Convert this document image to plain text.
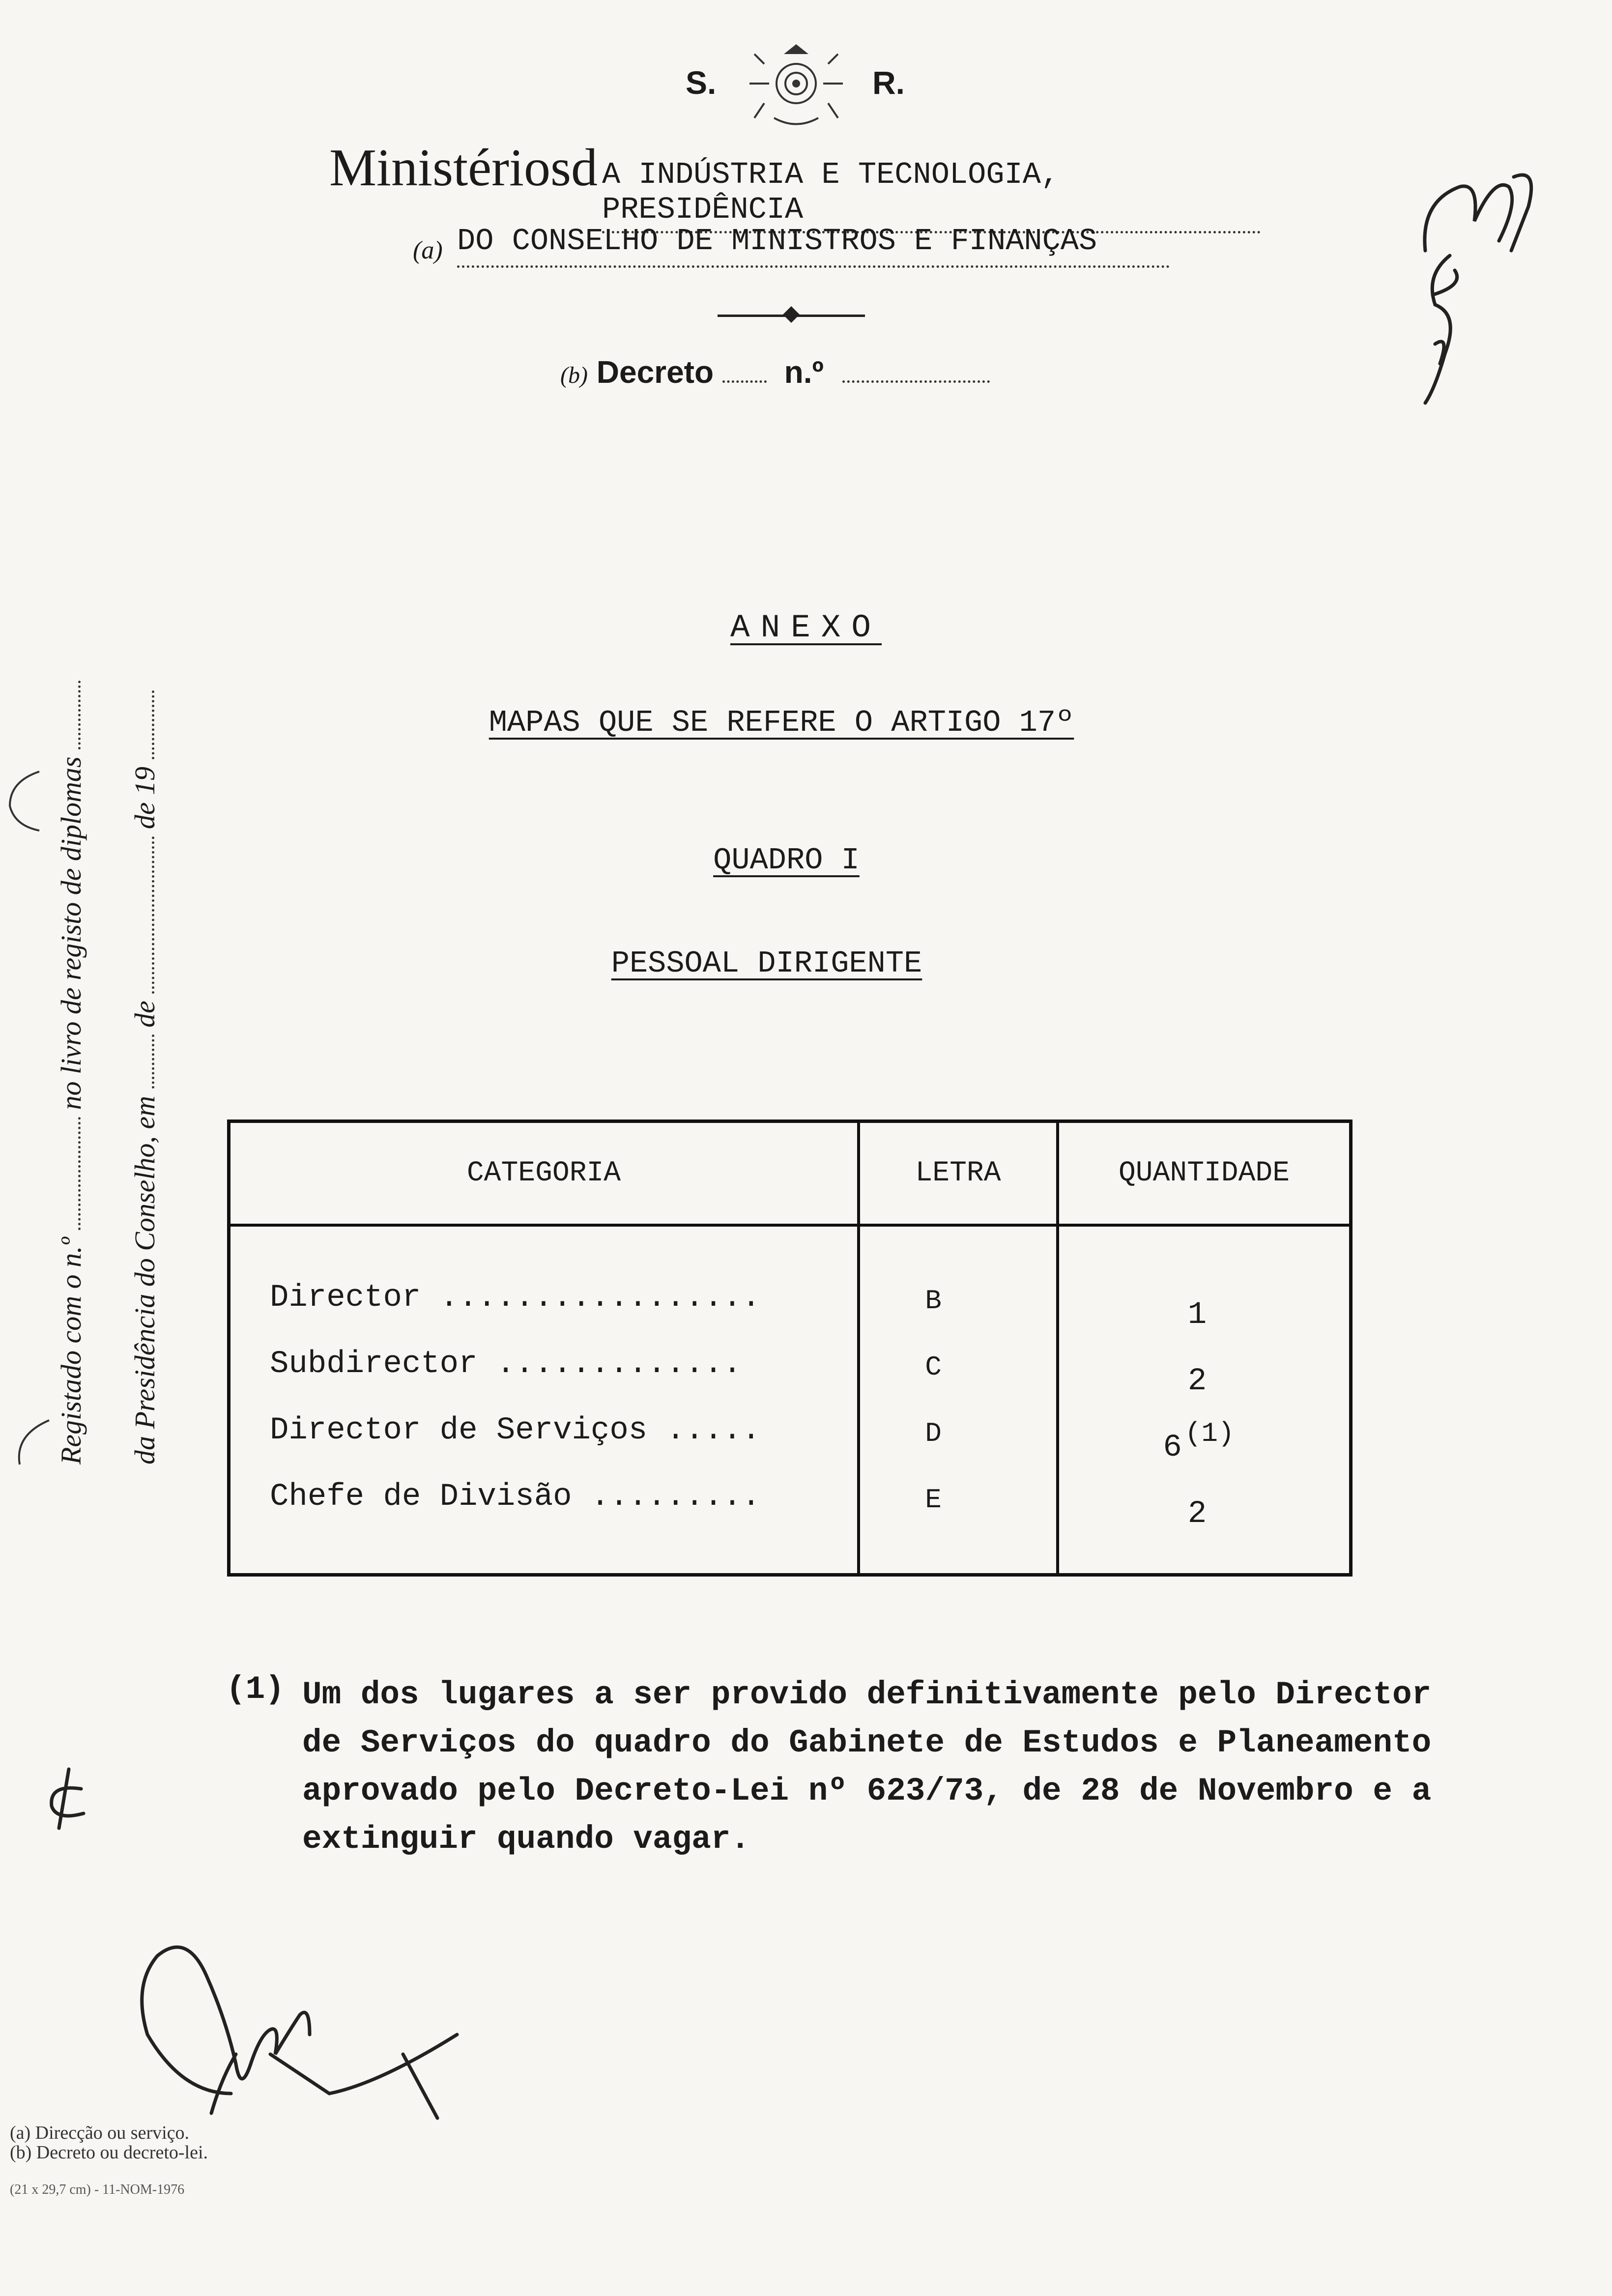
S.	R.
Ministériosd A INDÚSTRIA E TECNOLOGIA, PRESIDÊNCIA
(a) DO CONSELHO DE MINISTROS E FINANÇAS
(b) Decreto n.º
Registado com o n.º  no livro de registo de diplomas
da Presidência do Conselho, em  de  de 19
ANEXO
MAPAS QUE SE REFERE O ARTIGO 17º
QUADRO I
PESSOAL DIRIGENTE
CATEGORIA	LETRA	QUANTIDADE
Director .................	B	1
Subdirector .............	C	2
Director de Serviços .....	D	6 $^{(1)}$
Chefe de Divisão .........	E	2
(1) Um dos lugares a ser provido definitivamente pelo Director de Serviços do quadro do Gabinete de Estudos e Planeamento aprovado pelo Decreto-Lei nº 623/73, de 28 de Novembro e a extinguir quando vagar.
(a) Direcção ou serviço.
(b) Decreto ou decreto-lei.
(21 x 29,7 cm) - 11-NOM-1976
